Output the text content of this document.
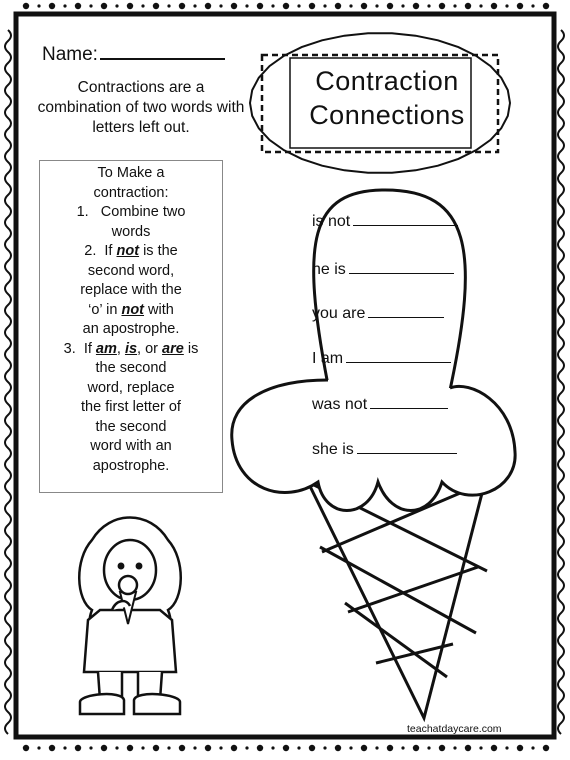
Name:
Contractions are a combination of two words with letters left out.
Contraction
Connections
To Make a
contraction:
1. Combine two
words
2. If not is the
second word,
replace with the
‘o’ in not with
an apostrophe.
3. If am, is, or are is
the second
word, replace
the first letter of
the second
word with an
apostrophe.
is not
he is
you are
I am
was not
she is
teachatdaycare.com
